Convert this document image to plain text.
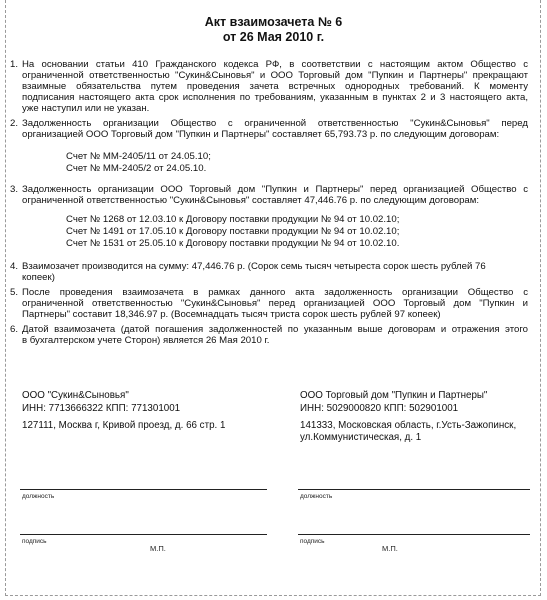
Акт взаимозачета № 6
от 26 Мая 2010 г.
1. На основании статьи 410 Гражданского кодекса РФ, в соответствии с настоящим актом Общество с
ограниченной ответственностью "Сукин&Сыновья" и ООО Торговый дом "Пупкин и Партнеры" прекращают
взаимные обязательства путем проведения зачета встречных однородных требований. К моменту
подписания настоящего акта срок исполнения по требованиям, указанным в пунктах 2 и 3 настоящего акта,
уже наступил или не указан.
2. Задолженность организации Общество с ограниченной ответственностью "Сукин&Сыновья" перед
организацией ООО Торговый дом "Пупкин и Партнеры" составляет 65,793.73 р. по следующим договорам:
Счет № ММ-2405/11 от 24.05.10;
Счет № ММ-2405/2 от 24.05.10.
3. Задолженность организации ООО Торговый дом "Пупкин и Партнеры" перед организацией Общество с
ограниченной ответственностью "Сукин&Сыновья" составляет 47,446.76 р. по следующим договорам:
Счет № 1268 от 12.03.10 к Договору поставки продукции № 94 от 10.02.10;
Счет № 1491 от 17.05.10 к Договору поставки продукции № 94 от 10.02.10;
Счет № 1531 от 25.05.10 к Договору поставки продукции № 94 от 10.02.10.
4. Взаимозачет производится на сумму: 47,446.76 р. (Сорок семь тысяч четыреста сорок шесть рублей 76
копеек)
5. После проведения взаимозачета в рамках данного акта задолженность организации Общество с
ограниченной ответственностью "Сукин&Сыновья" перед организацией ООО Торговый дом "Пупкин и
Партнеры" составит 18,346.97 р. (Восемнадцать тысяч триста сорок шесть рублей 97 копеек)
6. Датой взаимозачета (датой погашения задолженностей по указанным выше договорам и отражения этого
в бухгалтерском учете Сторон) является 26 Мая 2010 г.
ООО "Сукин&Сыновья"
ИНН: 7713666322 КПП: 771301001
127111, Москва г, Кривой проезд, д. 66 стр. 1
ООО Торговый дом "Пупкин и Партнеры"
ИНН: 5029000820 КПП: 502901001
141333, Московская область, г.Усть-Зажопинск,
ул.Коммунистическая, д. 1
должность	должность
подпись
М.П.
подпись
М.П.
